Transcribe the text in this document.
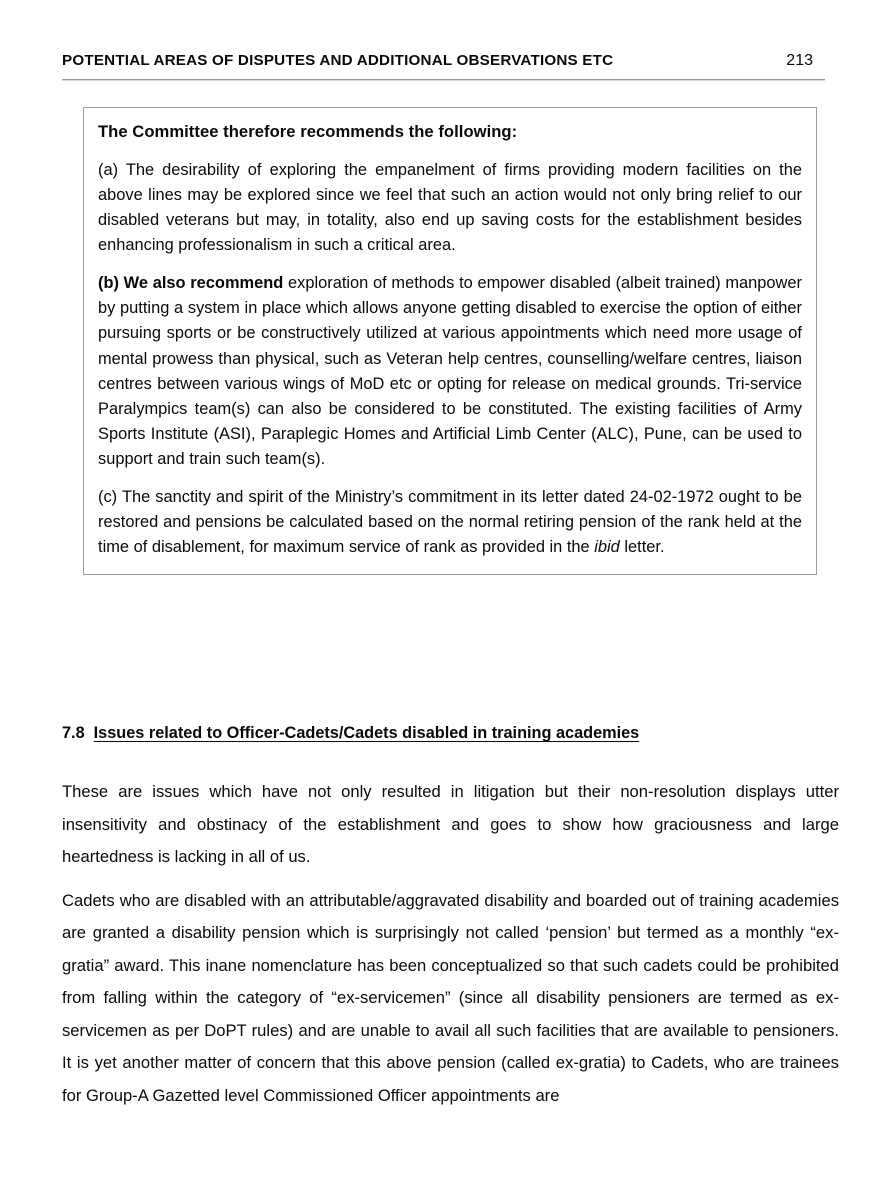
POTENTIAL AREAS OF DISPUTES AND ADDITIONAL OBSERVATIONS ETC	213
The Committee therefore recommends the following:

(a) The desirability of exploring the empanelment of firms providing modern facilities on the above lines may be explored since we feel that such an action would not only bring relief to our disabled veterans but may, in totality, also end up saving costs for the establishment besides enhancing professionalism in such a critical area.

(b) We also recommend exploration of methods to empower disabled (albeit trained) manpower by putting a system in place which allows anyone getting disabled to exercise the option of either pursuing sports or be constructively utilized at various appointments which need more usage of mental prowess than physical, such as Veteran help centres, counselling/welfare centres, liaison centres between various wings of MoD etc or opting for release on medical grounds. Tri-service Paralympics team(s) can also be considered to be constituted. The existing facilities of Army Sports Institute (ASI), Paraplegic Homes and Artificial Limb Center (ALC), Pune, can be used to support and train such team(s).

(c) The sanctity and spirit of the Ministry’s commitment in its letter dated 24-02-1972 ought to be restored and pensions be calculated based on the normal retiring pension of the rank held at the time of disablement, for maximum service of rank as provided in the ibid letter.

7.8 Issues related to Officer-Cadets/Cadets disabled in training academies

These are issues which have not only resulted in litigation but their non-resolution displays utter insensitivity and obstinacy of the establishment and goes to show how graciousness and large heartedness is lacking in all of us.

Cadets who are disabled with an attributable/aggravated disability and boarded out of training academies are granted a disability pension which is surprisingly not called ‘pension’ but termed as a monthly “ex-gratia” award. This inane nomenclature has been conceptualized so that such cadets could be prohibited from falling within the category of “ex-servicemen” (since all disability pensioners are termed as ex-servicemen as per DoPT rules) and are unable to avail all such facilities that are available to pensioners. It is yet another matter of concern that this above pension (called ex-gratia) to Cadets, who are trainees for Group-A Gazetted level Commissioned Officer appointments are
